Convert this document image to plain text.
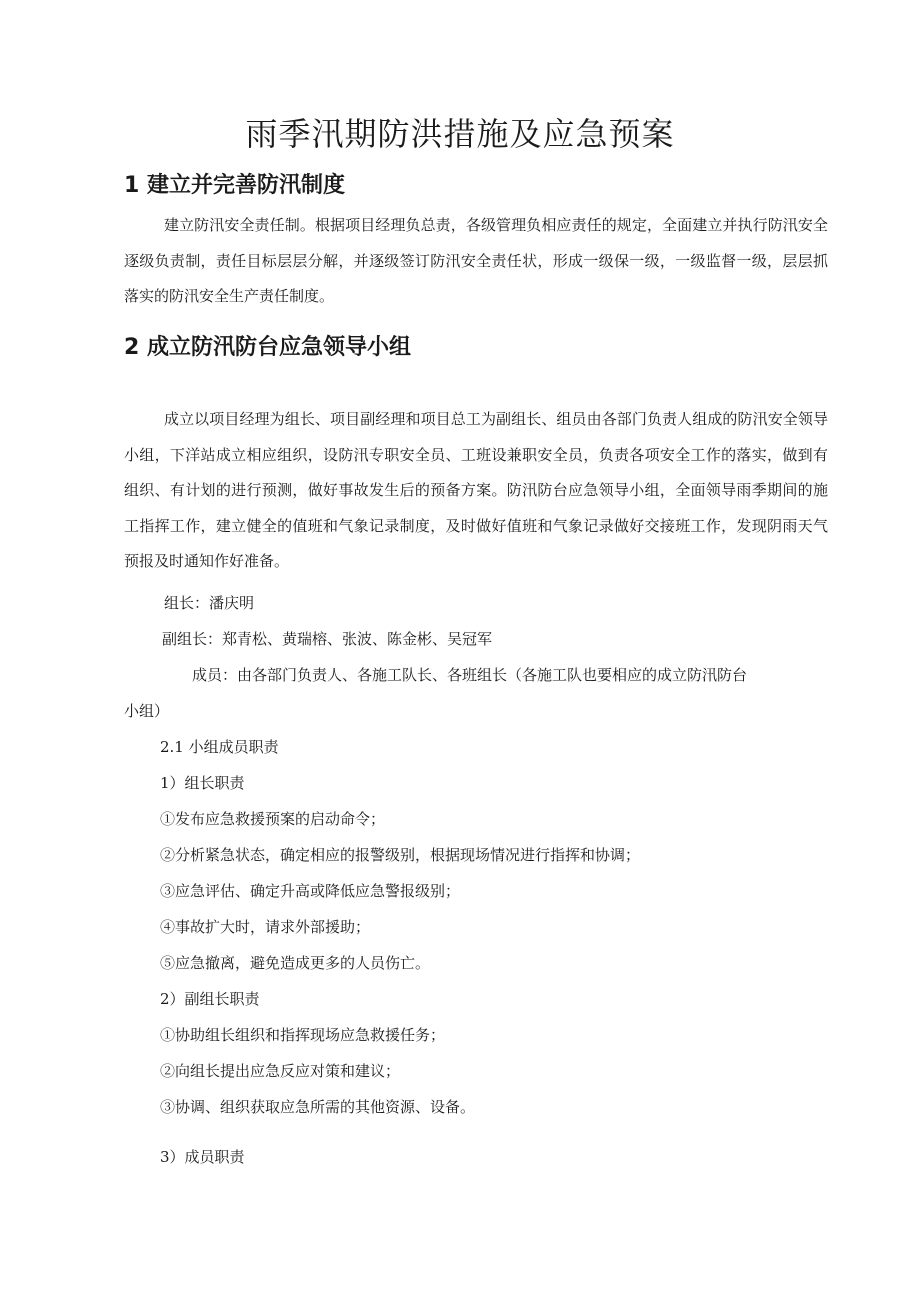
雨季汛期防洪措施及应急预案
1 建立并完善防汛制度

建立防汛安全责任制。根据项目经理负总责，各级管理负相应责任的规定，全面建立并执行防汛安全逐级负责制，责任目标层层分解，并逐级签订防汛安全责任状，形成一级保一级，一级监督一级，层层抓落实的防汛安全生产责任制度。

2 成立防汛防台应急领导小组

成立以项目经理为组长、项目副经理和项目总工为副组长、组员由各部门负责人组成的防汛安全领导小组，下洋站成立相应组织，设防汛专职安全员、工班设兼职安全员，负责各项安全工作的落实，做到有组织、有计划的进行预测，做好事故发生后的预备方案。防汛防台应急领导小组，全面领导雨季期间的施工指挥工作，建立健全的值班和气象记录制度，及时做好值班和气象记录做好交接班工作，发现阴雨天气预报及时通知作好准备。

组长：潘庆明

副组长：郑青松、黄瑞榕、张波、陈金彬、吴冠军

成员：由各部门负责人、各施工队长、各班组长（各施工队也要相应的成立防汛防台

小组）

2.1 小组成员职责

1）组长职责

①发布应急救援预案的启动命令；

②分析紧急状态，确定相应的报警级别，根据现场情况进行指挥和协调；

③应急评估、确定升高或降低应急警报级别；

④事故扩大时，请求外部援助；

⑤应急撤离，避免造成更多的人员伤亡。

2）副组长职责

①协助组长组织和指挥现场应急救援任务；

②向组长提出应急反应对策和建议；

③协调、组织获取应急所需的其他资源、设备。

3）成员职责
